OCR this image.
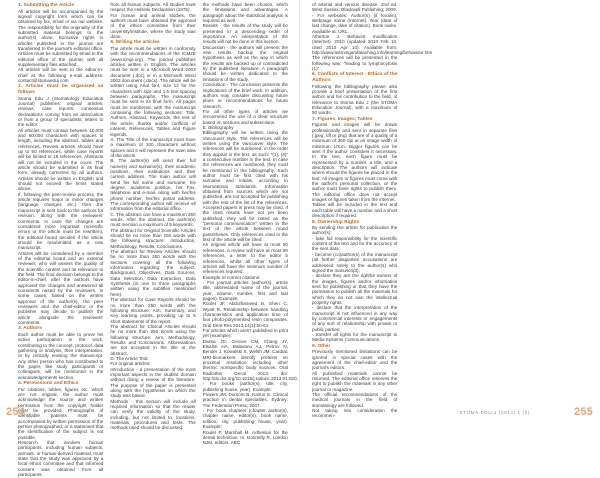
1. Submitting the Article

All articles will be accompanied by the signed copyright form which can be obtained by fax, email or via our website. The responsibility for the originality of the submitted material belongs to the author(s) alone. Exclusive rights to articles published in the journal are transferred to the journal's editorial office. Articles must be submitted by email to the editorial office of the journal, with all supplementary files attached.

All articles will be sent to the editor-in-chief at the following e-mail address: contact@stomaeduj.com

2. Articles must be organised as follows

Stoma Edu J (Stomatology Education Journal) publishes: original articles; reviews; case reports; consensus declarations coming from an association or from a group of specialists; letters to the editor.

All articles must contain between 10,000 and 60,000 characters with spaces in length, including the abstract, tables and references. Review articles should have up to 50 references, while case reports will be limited to 15 references. Abstracts will not be included in the count. The article should be submitted in its final form, already corrected by all authors. Articles should be written in English and should not exceed the limits stated above.

If, following the peer-review process, the article requires major or minor changes (language changes etc.) then the manuscript is sent back to the authors for revision, along with the reviewers' comments. In case the changes are considered more important (scientific errors or the article must be rewritten), the editorial board decides if the article should be resubmitted as a new manuscript.

Articles will be considered by a member of the editorial board and an external reviewer, who will assess the quality of the scientific content and its relevance to the field. The final decision belongs to the editor-in-chief, after the authors have approved the changes and answered all comments raised by the reviewers. In some cases, based on the written approval of the author(s), the peer reviewers and the chief-editor or the publisher may decide to publish the article alongside the reviewers' comments.

3. Authors

Each author must be able to prove his active participation in the work, contributing to the concept, protocol, data gathering or analysis, their interpretation, or by critically revising the manuscript. Any other person who has contributed to the paper, like study participants or colleagues, will be mentioned in the acknowledgements section.

4. Permissions and Ethics

For citations, tables, figures etc. which are not original, the author must acknowledge the source and written permission from the copyright holder must be provided. Photographs of identifiable patients must be accompanied by written permission of the person photographed, or a statement that the identification of the subject is not possible.

Research that involves human participants, including human subjects, animals, or human-derived material, must state that the study was approved by a local ethics committee and that informed consent was obtained from all participants.

from all human subjects. All studies must respect the Helsinki Declaration (1975).

For human and animal studies, the authors must have obtained the approval of the ethics committee from their university/institute, where the study was done.

5. Writing the articles

The article must be written in conformity with the recommendations of the ICMJE (www.icmje.org). The journal publishes articles written in English. The articles must be sent in a Microsoft Word 2003 document (.doc) or in a Microsoft Word 2003 document (.docx). The article will be written using Arial font, size 12 for the characters with size and 1.5 line spacing between paragraphs. The manuscript must be sent in its final form. All pages must be numbered, with the manuscript containing the following sections: Title, Authors, Abstract, Keywords, the text of the article, thanks and/or conflicts of interest, References, Tables and Figure legends.

A. The Title of the manuscript must have a maximum of 100 characters without spaces and it will represent the main idea of the article.

B. The author(s) will send their full name(s) and surname(s), their academic positions, their institutions and their current address. The main author will send his full name and surname, his degree, academic position, his Fax, telephone and e-mail, along with her/his phone number, her/his postal address. The corresponding author will receive all information from the editorial office.

C. The abstract can have a maximum 250 words. After the abstract, the author(s) must mention a maximum of 5 keywords.

The abstract for Original Scientific Articles should be no more than 250 words with the following structure: Introduction, Methodology, Results, Conclusions.

The abstract for Review Articles should be no more than 250 words with the sections covering all the following information regarding: the subject, Background, Objectives, Data Sources, Data Selection, Data Extraction, Data Synthesis (in one to three paragraphs written using the subtitles mentioned here).

The abstract for Case Reports should be no more than 250 words with the following structure: Aim, Summary, and Key learning points, providing up to 5 short statements of the report.

The abstract for Clinical Articles should be no more than 250 words using the following structure: Aim, Methodology, Results and Conclusions. Abbreviations are not accepted in the title or the abstract.

D. The Article Text:

For original articles:

Introduction - a presentation of the most important aspects in the studied domain without doing a review of the literature. The purpose of the paper is presented along with the hypothesis on which the study was based.

Methods - this section will include all required information so that the reader can verify the validity of the study, including, but not limited to, locations, materials, procedures and tests. The methods used should be discussed.

the methods have been chosen, which the limitations and advantages. A paragraph about the statistical analysis is required as well.

Results - the results of the study will be presented in a descending order of importance. An interpretation of the results will not be done in this section.

Discussion - the authors will present the new results backup the original hypothesis as well as the way in which the results are backed up or contradicted by the published literature. A paragraph should be written dedicated to the limitations of the study.

Conclusion - The conclusion presents the implications of the brief work. In addition, authors may consider discussing future plans or recommendations for future research.

For all other types of articles we recommend the use of a clear structure based on sections and subsections.

E. Bibliography

Bibliography will be written using the Vancouver style. The references will be written using the Vancouver style. The references will be numbered, in the order they appear in the text, as such: "(1), (4)" a consecutive number in the text. In case the references are numbered, they must be mentioned in the bibliography. Each author must be first cited with his surname and initials, according to international standards. Information obtained from sources which are not published, are not accepted for publishing with the rest of the list of the references. Accepted papers in press may be cited. If the cited results have not yet been published, they will be noted as the "personal communication" written in the text of the article between round parentheses. Only references cited in the text of the article will be cited.

An original article will have at most 50 references, a review will have at most 80 references, a letter to the editor 5 references, whilst all other types of articles will have the minimum number of references required.

Example of correct citations:

- For journal articles (author(s), article title, abbreviated name of the journal, year, volume, number, first and last pages). Example:

Roulet JF, Abdulhameed N, Shen C, Wyatt R. Relationship between handling characteristics and application time of four photo-polymerised resin composites. Oral Dent Res 2013;14(1):50-61.

For articles which aren't published in print yet (example):

Dassa JD, Gerace CM, Chang JY, Elsallm HA, Balasanu AJ, Petrov N, Bender J, Kowalski S, Welsh JM. Cardiac MRI-biomarkers identify proteins on proximal resolution including other thermic nonspecific body sources. Oral Radiother Oncol 2013; doi: http://dx.doi.org/10.1016/j.radonc.2013.01.020.

- For books (author(s), title, city, publishing house, year). Example:

Powers JM, Dumont B, Kantor E. Clinical practice in dental specialties. Sydney: The Federation Press; 2007.

- For book chapters (chapter author(s), chapter name, editor(s), book name, edition, city, publishing house, year). Example:

Roulet P, Marshall M. Adhesion for the dental technician. In: Donnelly R, London NJM, editors. ABC

254

of arterial and venous disease. 2nd ed. West Sussex: Blackwell Publishing; 2009.

- For websites: Author(s) (if known). Webpage name (Internet). Year (date of last change, date of citation). Book name. Available at: URL.

Atherton J. Behavior modification (Internet). 2010 (updated 2010 Feb 10, cited 2010 Apr 10). Available from: http://www.learningandteaching.info/learning/behaviour.htm

The references will be presented in the following way: "leading to lymphocytosis (1)".

6. Conflicts of Interest - Ethics of the Authors

Following the bibliography please also provide a brief presentation of the first author and his contribution to the field, of relevance to Stoma Edu J (the STOMA Education Journal), with a maximum of 50 words.

7. Figures, Images, Tables

Figures and images will be drawn professionally and sent in separate files (.jpeg, tiff or png) that are of a quality of a minimum of 300 dpi at an image width of minimum 10cm. Bigger figures can be sent if the author considers it necessary. In the text, each figure must be represented by a number, a title, and a description. The authors will indicate where should the figures be placed in the text. All images or figures must come with the author's personal collection, or the author must have rights to publish them. The editorial office does not accept images or figures taken from the internet.

Tables will be included in the text and each table will have a number and a short description if required.

8. Ownership Rights

By sending the article for publication the author(s):

- take full responsibility for the scientific content of the text and for the accuracy of the sent data;

- become (co)author(s) of the manuscript (all further plagiarism accusations are addressed solely to the author(s) who signed the manuscript);

- declare they are the rightful owners of the images, figures and/or information sent for publishing or that they have the permission to publish all the materials for which they do not own the intellectual property rights;

- declare that the interpretation of the manuscript is not influenced in any way by commercial interests or engagements of any sort of relationship with private or public parties;

- transfer all rights for the manuscript to Media Systems Communications.

9. Other

Previously mentioned limitations can be ignored in special cases with the agreement of the chief-editor and the journal's editors.

All published materials cannot be returned. The editorial office reserves the right to publish the materials in any other journal or magazine.

The official recommendations of the medical journals in the field of stomatology are followed.

Not taking into consideration the recommen-

STOMA.EDU.J (2014) 1 (2)	255
